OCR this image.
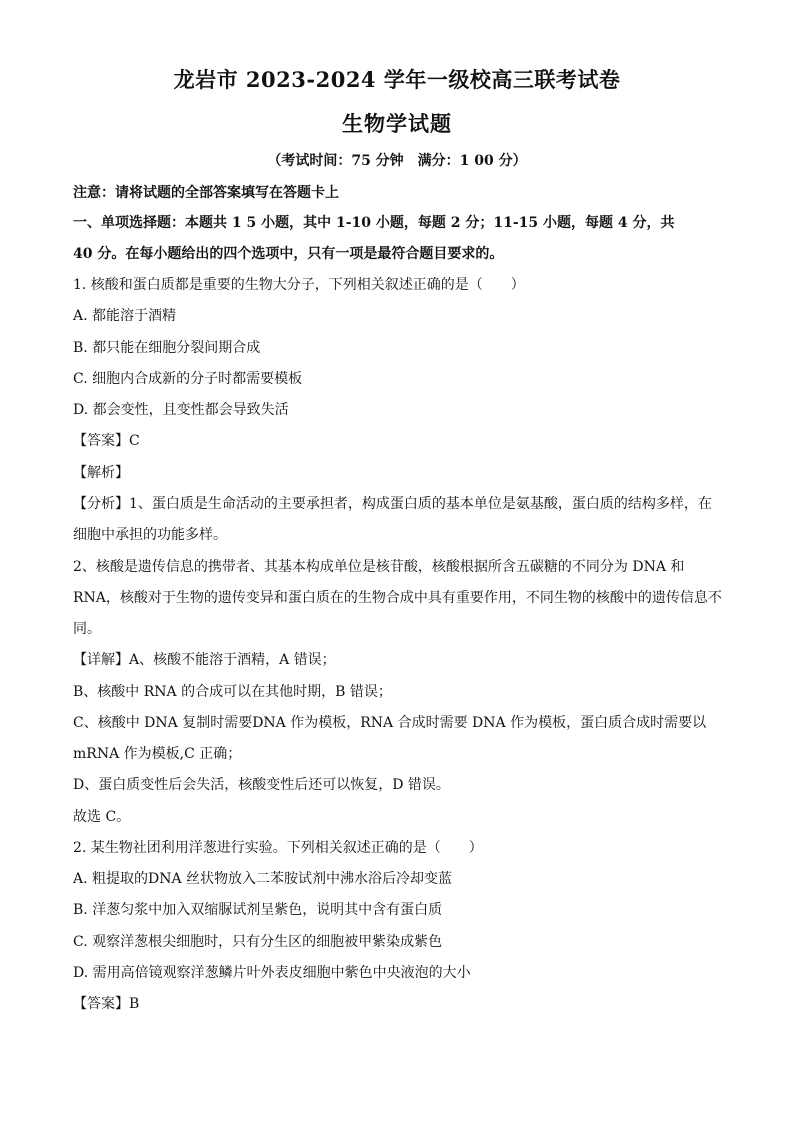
龙岩市 2023-2024 学年一级校高三联考试卷
生物学试题
（考试时间：75 分钟　满分：1 00 分）
注意：请将试题的全部答案填写在答题卡上
一、单项选择题：本题共 1 5 小题，其中 1-10 小题，每题 2 分；11-15 小题，每题 4 分，共
40 分。在每小题给出的四个选项中，只有一项是最符合题目要求的。
1. 核酸和蛋白质都是重要的生物大分子，下列相关叙述正确的是（　　）
A. 都能溶于酒精
B. 都只能在细胞分裂间期合成
C. 细胞内合成新的分子时都需要模板
D. 都会变性，且变性都会导致失活
【答案】C
【解析】
【分析】1、蛋白质是生命活动的主要承担者，构成蛋白质的基本单位是氨基酸，蛋白质的结构多样，在
细胞中承担的功能多样。
2、核酸是遗传信息的携带者、其基本构成单位是核苷酸，核酸根据所含五碳糖的不同分为 DNA 和
RNA，核酸对于生物的遗传变异和蛋白质在的生物合成中具有重要作用，不同生物的核酸中的遗传信息不
同。
【详解】A、核酸不能溶于酒精，A 错误；
B、核酸中 RNA 的合成可以在其他时期，B 错误；
C、核酸中 DNA 复制时需要DNA 作为模板，RNA 合成时需要 DNA 作为模板，蛋白质合成时需要以
mRNA 作为模板,C 正确；
D、蛋白质变性后会失活，核酸变性后还可以恢复，D 错误。
故选 C。
2. 某生物社团利用洋葱进行实验。下列相关叙述正确的是（　　）
A. 粗提取的DNA 丝状物放入二苯胺试剂中沸水浴后冷却变蓝
B. 洋葱匀浆中加入双缩脲试剂呈紫色，说明其中含有蛋白质
C. 观察洋葱根尖细胞时，只有分生区的细胞被甲紫染成紫色
D. 需用高倍镜观察洋葱鳞片叶外表皮细胞中紫色中央液泡的大小
【答案】B
